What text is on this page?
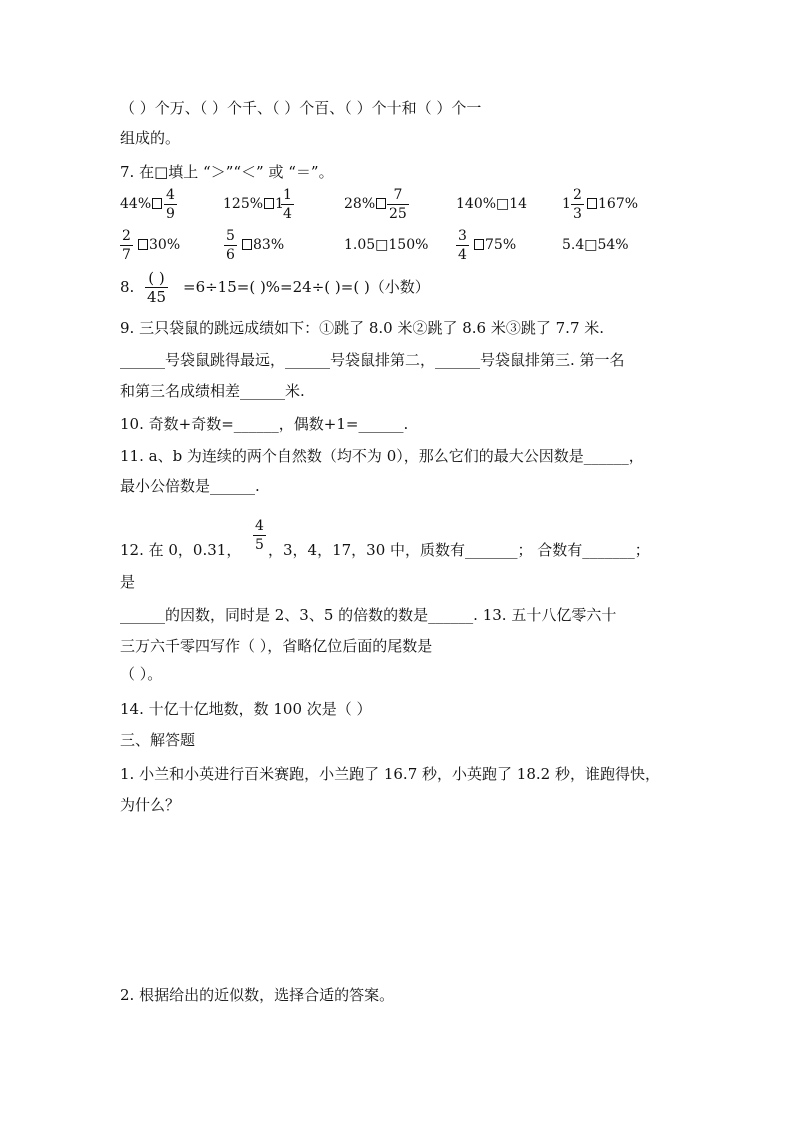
（ ）个万、（ ）个千、（ ）个百、（ ）个十和（ ）个一
组成的。
7. 在□填上 “＞”“＜” 或 “＝”。
44%
4
9
125% 1
1
4
28%
7
25
140%□14 1
2
3
167%
2
7
30%
5
6
83%	1.05□150%
3
4
75%	5.4□54%
8. ( )
45
=6÷15=( )%=24÷( )=( )（小数）
9. 三只袋鼠的跳远成绩如下：①跳了 8.0 米②跳了 8.6 米③跳了 7.7 米.
______号袋鼠跳得最远，______号袋鼠排第二，______号袋鼠排第三. 第一名
和第三名成绩相差______米.
10. 奇数+奇数=______，偶数+1=______.
11. a、b 为连续的两个自然数（均不为 0），那么它们的最大公因数是______，
最小公倍数是______.
12. 在 0，0.31，
4
5 ，3，4，17，30 中，质数有_______； 合数有_______；
是
______的因数，同时是 2、3、5 的倍数的数是______. 13. 五十八亿零六十
三万六千零四写作（ ），省略亿位后面的尾数是
（ ）。
14. 十亿十亿地数，数 100 次是（ ）
三、解答题
1. 小兰和小英进行百米赛跑，小兰跑了 16.7 秒，小英跑了 18.2 秒，谁跑得快，
为什么？
2. 根据给出的近似数，选择合适的答案。
